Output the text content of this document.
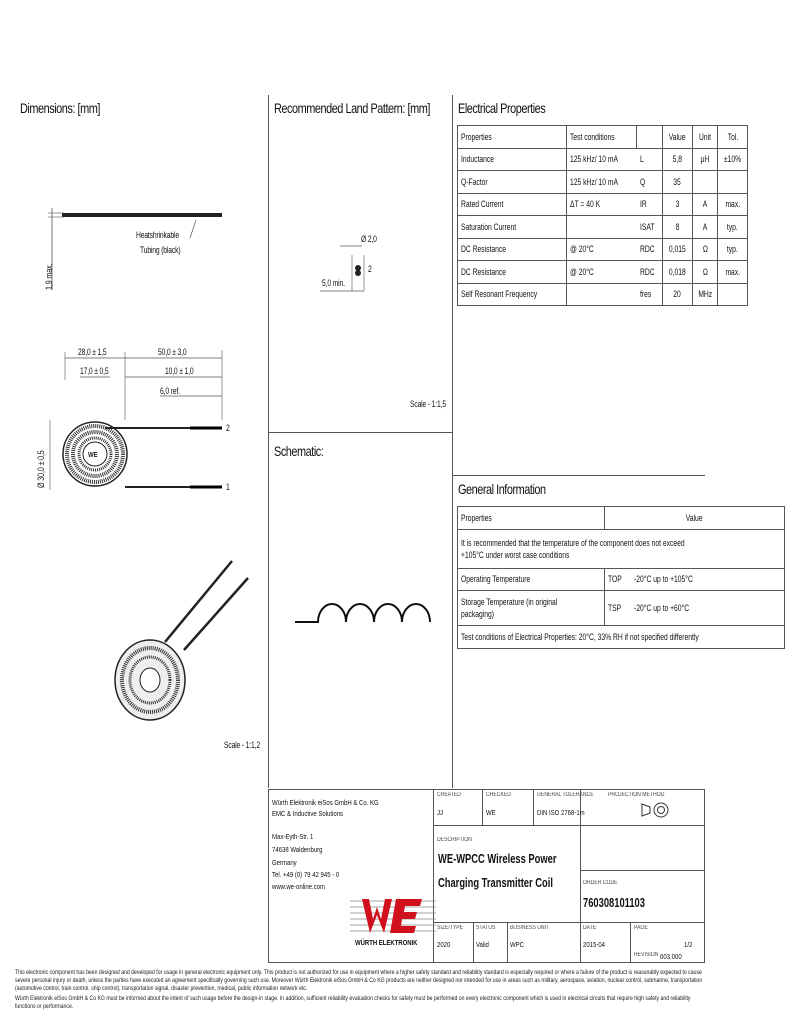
Dimensions: [mm]
Heatshrinkable
Tubing (black)
1,9 max.
28,0 ± 1,5	50,0 ± 3,0
17,0 ± 0,5	10,0 ± 1,0
6,0 ref.
Ø 30,0 ± 0,5
2
1
WE
Scale - 1:1,2
Recommended Land Pattern: [mm]
Ø 2,0
2
5,0 min.
Scale - 1:1,5
Schematic:
Electrical Properties
Properties	Test conditions		Value	Unit	Tol.
Inductance	125 kHz/ 10 mA	L	5,8	µH	±10%
Q-Factor	125 kHz/ 10 mA	Q	35		
Rated Current	ΔT = 40 K	IR	3	A	max.
Saturation Current		ISAT	8	A	typ.
DC Resistance	@ 20°C	RDC	0,015	Ω	typ.
DC Resistance	@ 20°C	RDC	0,018	Ω	max.
Self Resonant Frequency		fres	20	MHz	
General Information
Properties	Value	

It is recommended that the temperature of the component does not exceed +105°C under worst case conditions		

Operating Temperature	TOP	-20°C up to +105°C

Storage Temperature (in original packaging)	TSP	-20°C up to +60°C
Test conditions of Electrical Properties: 20°C, 33% RH if not specified differently		
Würth Elektronik eiSos GmbH & Co. KG
EMC & Inductive Solutions
Max-Eyth-Str. 1
74638 Waldenburg
Germany
Tel. +49 (0) 79 42 945 - 0
www.we-online.com
WÜRTH ELEKTRONIK
CREATED
JJ
CHECKED
WE
GENERAL TOLERANCE
DIN ISO 2768-1m
PROJECTION METHOD
DESCRIPTION
WE-WPCC Wireless Power
Charging Transmitter Coil	ORDER CODE
760308101103
SIZE/TYPE
2020
STATUS
Valid
BUSINESS UNIT
WPC
DATE
2015-04
PAGE
1/2
REVISION 003.000
This electronic component has been designed and developed for usage in general electronic equipment only. This product is not authorized for use in equipment where a higher safety standard and reliability standard is especially required or where a failure of the product is reasonably expected to cause severe personal injury or death, unless the parties have executed an agreement specifically governing such use. Moreover Würth Elektronik eiSos GmbH & Co KG products are neither designed nor intended for use in areas such as military, aerospace, aviation, nuclear control, submarine, transportation (automotive control, train control, ship control), transportation signal, disaster prevention, medical, public information network etc.
Würth Elektronik eiSos GmbH & Co KG must be informed about the intent of such usage before the design-in stage. In addition, sufficient reliability evaluation checks for safety must be performed on every electronic component which is used in electrical circuits that require high safety and reliability functions or performance.
